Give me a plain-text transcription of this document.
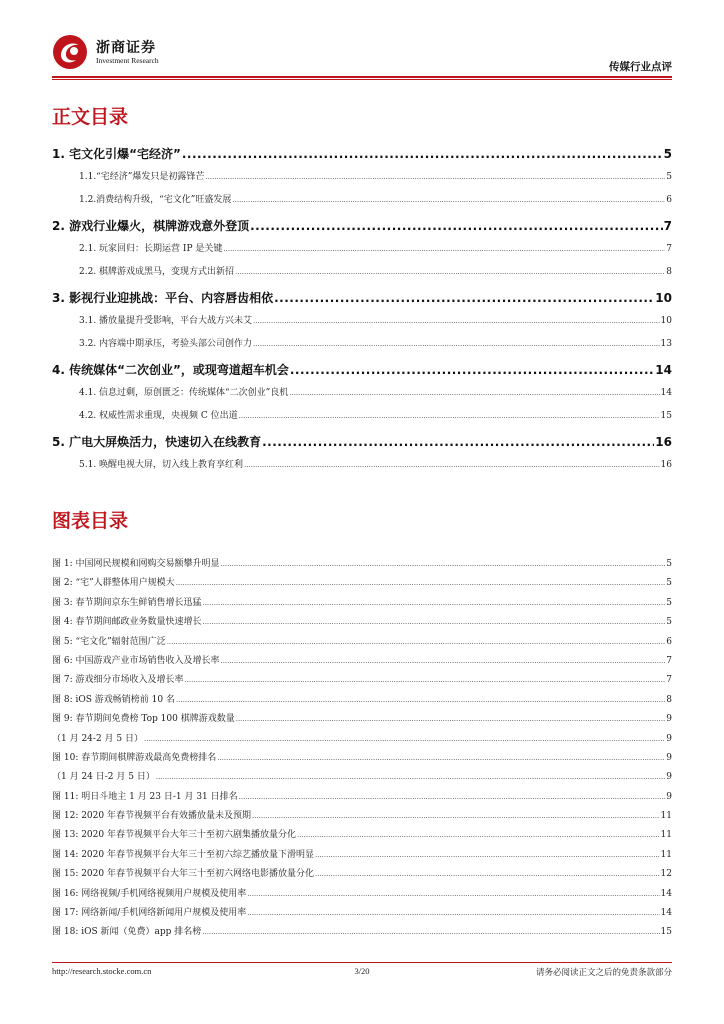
浙商证券
Investment Research
传媒行业点评
正文目录
1. 宅文化引爆“宅经济” .....	5
1.1.“宅经济”爆发只是初露锋芒 .....	5
1.2.消费结构升级，“宅文化”旺盛发展 .....	6
2. 游戏行业爆火，棋牌游戏意外登顶 .....	7
2.1. 玩家回归：长期运营 IP 是关键 .....	7
2.2. 棋牌游戏成黑马，变现方式出新招 .....	8
3. 影视行业迎挑战：平台、内容唇齿相依 .....	10
3.1. 播放量提升受影响，平台大战方兴未艾 .....	10
3.2. 内容端中期承压，考验头部公司创作力 .....	13
4. 传统媒体“二次创业”，或现弯道超车机会 .....	14
4.1. 信息过剩，原创匮乏：传统媒体“二次创业”良机 .....	14
4.2. 权威性需求重现，央视频 C 位出道 .....	15
5. 广电大屏焕活力，快速切入在线教育 .....	16
5.1. 唤醒电视大屏，切入线上教育享红利 .....	16
图表目录
图 1: 中国网民规模和网购交易额攀升明显 .....	5
图 2: “宅”人群整体用户规模大 .....	5
图 3: 春节期间京东生鲜销售增长迅猛 .....	5
图 4: 春节期间邮政业务数量快速增长 .....	5
图 5: “宅文化”辐射范围广泛 .....	6
图 6: 中国游戏产业市场销售收入及增长率 .....	7
图 7: 游戏细分市场收入及增长率 .....	7
图 8: iOS 游戏畅销榜前 10 名 .....	8
图 9: 春节期间免费榜 Top 100 棋牌游戏数量 .....	9
（1 月 24-2 月 5 日） .....	9
图 10: 春节期间棋牌游戏最高免费榜排名 .....	9
（1 月 24 日-2 月 5 日） .....	9
图 11: 明日斗地主 1 月 23 日-1 月 31 日排名 .....	9
图 12: 2020 年春节视频平台有效播放量未及预期 .....	11
图 13: 2020 年春节视频平台大年三十至初六剧集播放量分化 .....	11
图 14: 2020 年春节视频平台大年三十至初六综艺播放量下滑明显 .....	11
图 15: 2020 年春节视频平台大年三十至初六网络电影播放量分化 .....	12
图 16: 网络视频/手机网络视频用户规模及使用率 .....	14
图 17: 网络新闻/手机网络新闻用户规模及使用率 .....	14
图 18: iOS 新闻（免费）app 排名榜 .....	15
http://research.stocke.com.cn	3/20	请务必阅读正文之后的免责条款部分
